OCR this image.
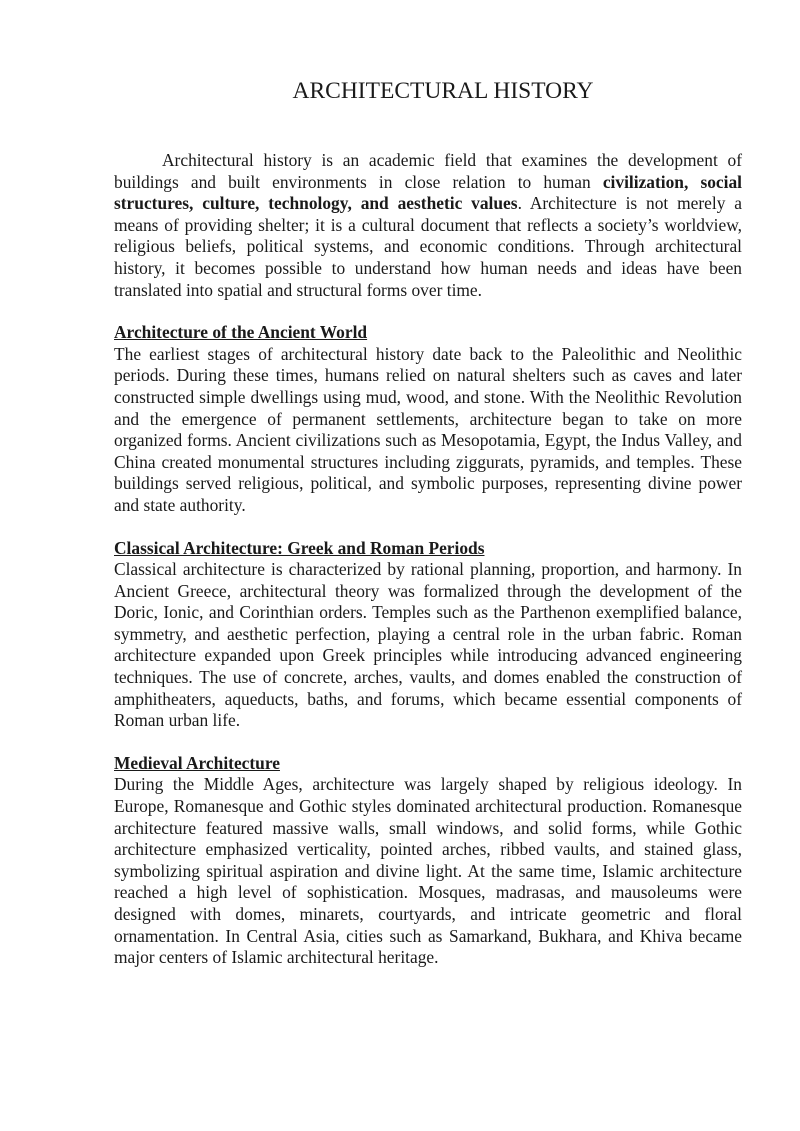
ARCHITECTURAL HISTORY

Architectural history is an academic field that examines the development of buildings and built environments in close relation to human civilization, social structures, culture, technology, and aesthetic values. Architecture is not merely a means of providing shelter; it is a cultural document that reflects a society’s worldview, religious beliefs, political systems, and economic conditions. Through architectural history, it becomes possible to understand how human needs and ideas have been translated into spatial and structural forms over time.

Architecture of the Ancient World

The earliest stages of architectural history date back to the Paleolithic and Neolithic periods. During these times, humans relied on natural shelters such as caves and later constructed simple dwellings using mud, wood, and stone. With the Neolithic Revolution and the emergence of permanent settlements, architecture began to take on more organized forms. Ancient civilizations such as Mesopotamia, Egypt, the Indus Valley, and China created monumental structures including ziggurats, pyramids, and temples. These buildings served religious, political, and symbolic purposes, representing divine power and state authority.

Classical Architecture: Greek and Roman Periods

Classical architecture is characterized by rational planning, proportion, and harmony. In Ancient Greece, architectural theory was formalized through the development of the Doric, Ionic, and Corinthian orders. Temples such as the Parthenon exemplified balance, symmetry, and aesthetic perfection, playing a central role in the urban fabric. Roman architecture expanded upon Greek principles while introducing advanced engineering techniques. The use of concrete, arches, vaults, and domes enabled the construction of amphitheaters, aqueducts, baths, and forums, which became essential components of Roman urban life.

Medieval Architecture

During the Middle Ages, architecture was largely shaped by religious ideology. In Europe, Romanesque and Gothic styles dominated architectural production. Romanesque architecture featured massive walls, small windows, and solid forms, while Gothic architecture emphasized verticality, pointed arches, ribbed vaults, and stained glass, symbolizing spiritual aspiration and divine light. At the same time, Islamic architecture reached a high level of sophistication. Mosques, madrasas, and mausoleums were designed with domes, minarets, courtyards, and intricate geometric and floral ornamentation. In Central Asia, cities such as Samarkand, Bukhara, and Khiva became major centers of Islamic architectural heritage.
